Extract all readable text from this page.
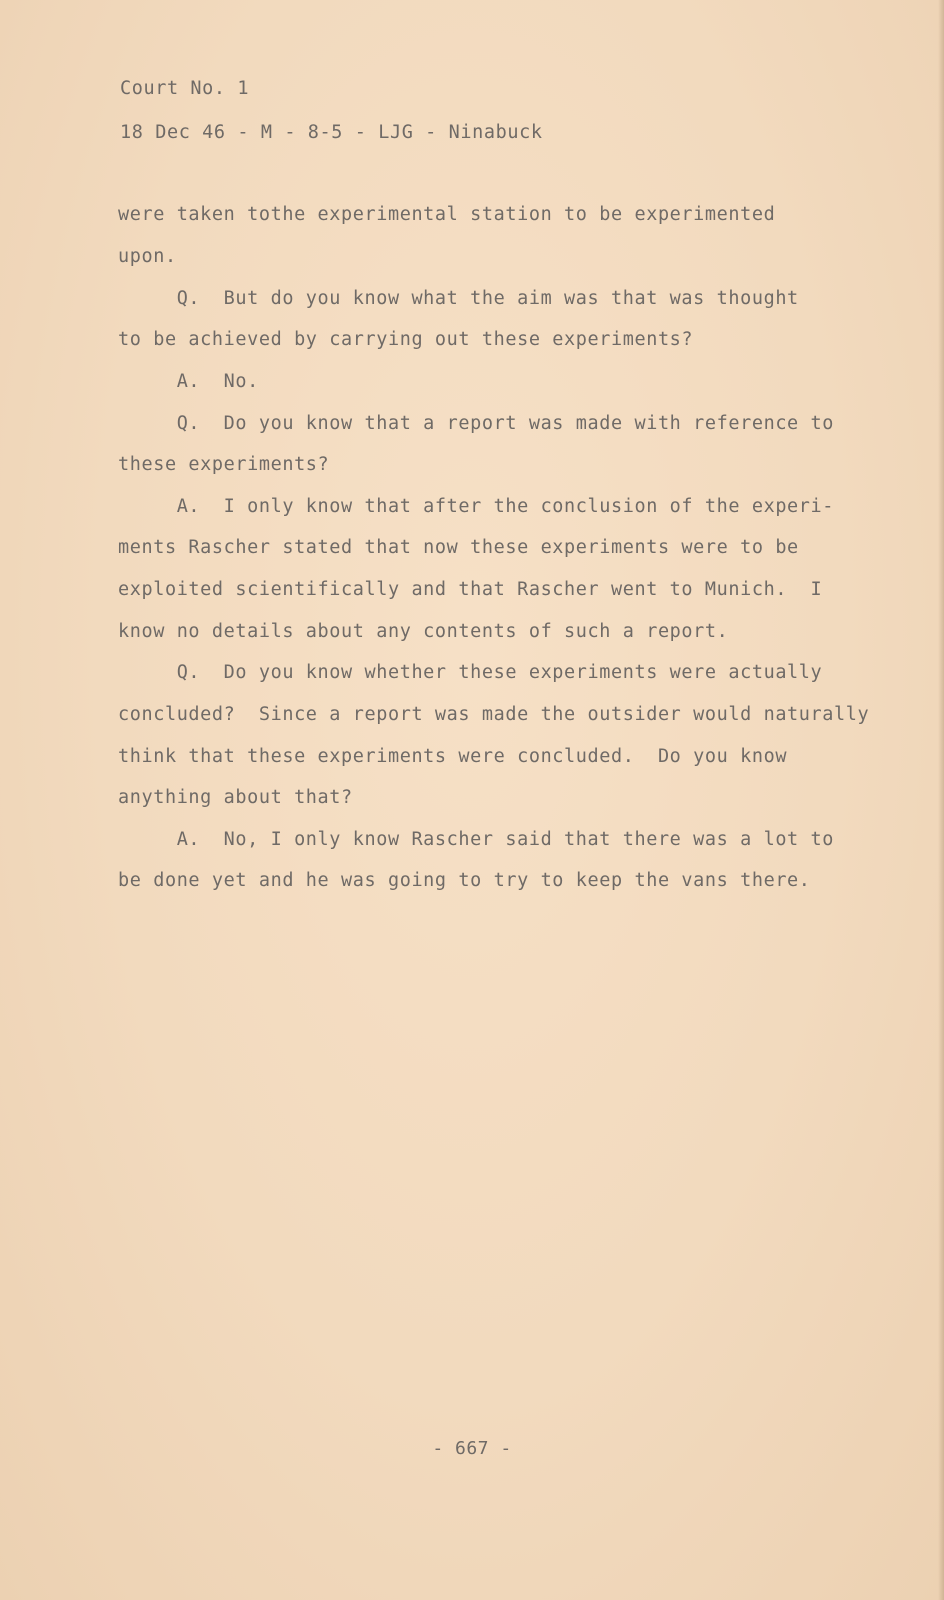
Court No. 1

18 Dec 46 - M - 8-5 - LJG - Ninabuck

were taken tothe experimental station to be experimented

upon.

Q.  But do you know what the aim was that was thought

to be achieved by carrying out these experiments?

A.  No.

Q.  Do you know that a report was made with reference to

these experiments?

A.  I only know that after the conclusion of the experi-

ments Rascher stated that now these experiments were to be

exploited scientifically and that Rascher went to Munich.  I

know no details about any contents of such a report.

Q.  Do you know whether these experiments were actually

concluded?  Since a report was made the outsider would naturally

think that these experiments were concluded.  Do you know

anything about that?

A.  No, I only know Rascher said that there was a lot to

be done yet and he was going to try to keep the vans there.

- 667 -
